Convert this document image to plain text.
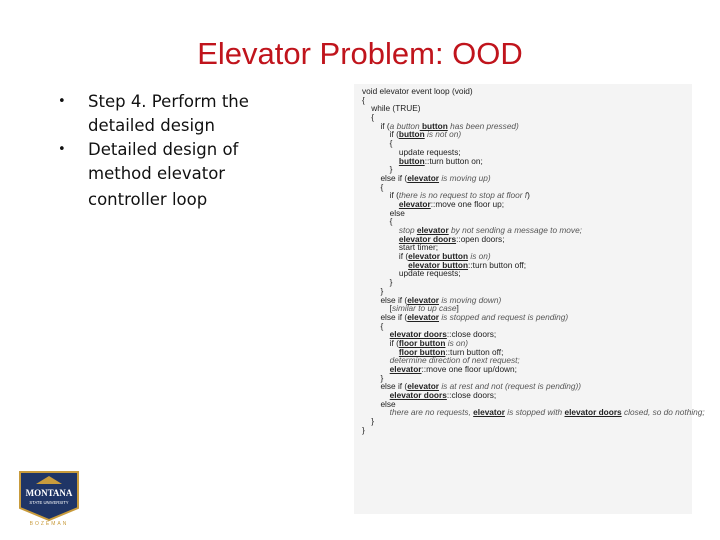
Elevator Problem: OOD
• Step 4. Perform the
detailed design
• Detailed design of
method elevator

controller loop
void elevator event loop (void)
{
while (TRUE)
{
if (a button button has been pressed)
if (button is not on)
{
update requests;
button::turn button on;
}
else if (elevator is moving up)
{
if (there is no request to stop at floor f)
elevator::move one floor up;
else
{
stop elevator by not sending a message to move;
elevator doors::open doors;
start timer;
if (elevator button is on)
elevator button::turn button off;
update requests;
}
}
else if (elevator is moving down)
[similar to up case]
else if (elevator is stopped and request is pending)
{
elevator doors::close doors;
if (floor button is on)
floor button::turn button off;
determine direction of next request;
elevator::move one floor up/down;
}
else if (elevator is at rest and not (request is pending))
elevator doors::close doors;
else
there are no requests, elevator is stopped with elevator doors closed, so do nothing;
}
}
MONTANA
STATE UNIVERSITY
BOZEMAN
